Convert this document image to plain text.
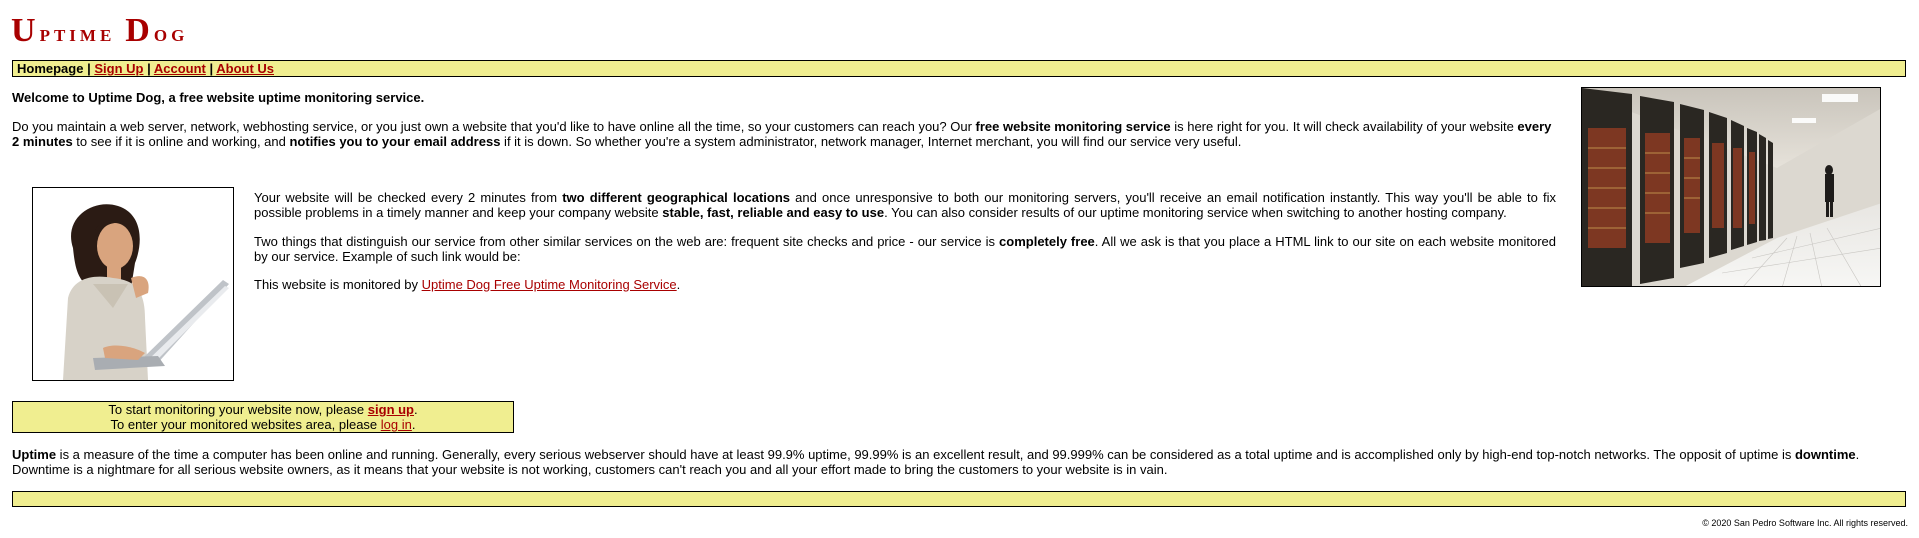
Uptime Dog
Homepage | Sign Up | Account | About Us

Welcome to Uptime Dog, a free website uptime monitoring service.

Do you maintain a web server, network, webhosting service, or you just own a website that you'd like to have online all the time, so your customers can reach you? Our free website monitoring service is here right for you. It will check availability of your website every 2 minutes to see if it is online and working, and notifies you to your email address if it is down. So whether you're a system administrator, network manager, Internet merchant, you will find our service very useful.

Your website will be checked every 2 minutes from two different geographical locations and once unresponsive to both our monitoring servers, you'll receive an email notification instantly. This way you'll be able to fix possible problems in a timely manner and keep your company website stable, fast, reliable and easy to use. You can also consider results of our uptime monitoring service when switching to another hosting company.

Two things that distinguish our service from other similar services on the web are: frequent site checks and price - our service is completely free. All we ask is that you place a HTML link to our site on each website monitored by our service. Example of such link would be:

This website is monitored by Uptime Dog Free Uptime Monitoring Service.

To start monitoring your website now, please sign up.
To enter your monitored websites area, please log in.

Uptime is a measure of the time a computer has been online and running. Generally, every serious webserver should have at least 99.9% uptime, 99.99% is an excellent result, and 99.999% can be considered as a total uptime and is accomplished only by high-end top-notch networks. The opposit of uptime is downtime. Downtime is a nightmare for all serious website owners, as it means that your website is not working, customers can't reach you and all your effort made to bring the customers to your website is in vain.

© 2020 San Pedro Software Inc. All rights reserved.
